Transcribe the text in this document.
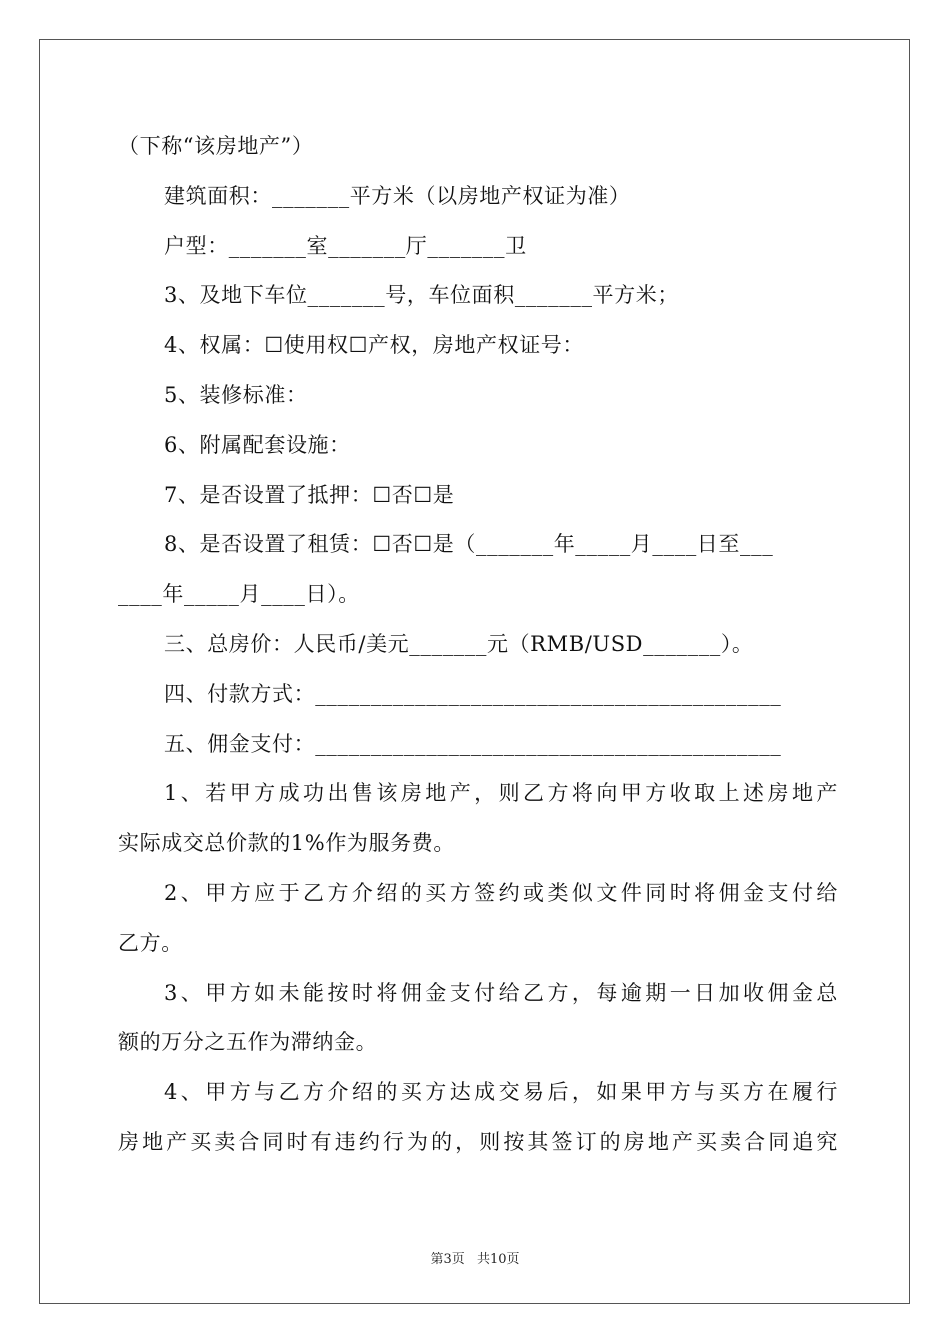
（下称“该房地产”）
建筑面积：_______平方米（以房地产权证为准）
户型：_______室_______厅_______卫
3、及地下车位_______号，车位面积_______平方米；
4、权属：☐使用权☐产权，房地产权证号：
5、装修标准：
6、附属配套设施：
7、是否设置了抵押：☐否☐是
8、是否设置了租赁：☐否☐是（_______年_____月____日至___
____年_____月____日）。
三、总房价：人民币/美元_______元（RMB/USD_______）。
四、付款方式：__________________________________________
五、佣金支付：__________________________________________
1、若甲方成功出售该房地产，则乙方将向甲方收取上述房地产
实际成交总价款的1%作为服务费。
2、甲方应于乙方介绍的买方签约或类似文件同时将佣金支付给
乙方。
3、甲方如未能按时将佣金支付给乙方，每逾期一日加收佣金总
额的万分之五作为滞纳金。
4、甲方与乙方介绍的买方达成交易后，如果甲方与买方在履行
房地产买卖合同时有违约行为的，则按其签订的房地产买卖合同追究
第3页 共10页
